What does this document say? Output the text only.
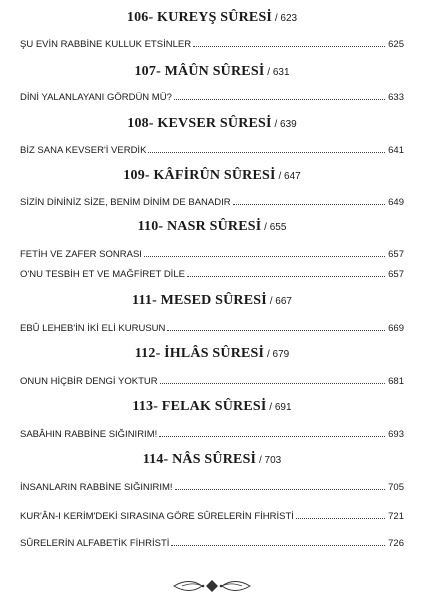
106- KUREYŞ SÛRESİ / 623
ŞU EVİN RABBİNE KULLUK ETSİNLER	625
107- MÂÛN SÛRESİ / 631
DİNİ YALANLAYANI GÖRDÜN MÜ?	633
108- KEVSER SÛRESİ / 639
BİZ SANA KEVSER'İ VERDİK	641
109- KÂFİRÛN SÛRESİ / 647
SİZİN DİNİNİZ SİZE, BENİM DİNİM DE BANADIR	649
110- NASR SÛRESİ / 655
FETİH VE ZAFER SONRASI	657
O'NU TESBİH ET VE MAĞFİRET DİLE	657
111- MESED SÛRESİ / 667
EBÛ LEHEB'İN İKİ ELİ KURUSUN	669
112- İHLÂS SÛRESİ / 679
ONUN HİÇBİR DENGİ YOKTUR	681
113- FELAK SÛRESİ / 691
SABÂHIN RABBİNE SIĞINIRIM!	693
114- NÂS SÛRESİ / 703
İNSANLARIN RABBİNE SIĞINIRIM!	705
KUR'ÂN-I KERİM'DEKİ SIRASINA GÖRE SÛRELERİN FİHRİSTİ	721
SÛRELERİN ALFABETİK FİHRİSTİ	726
